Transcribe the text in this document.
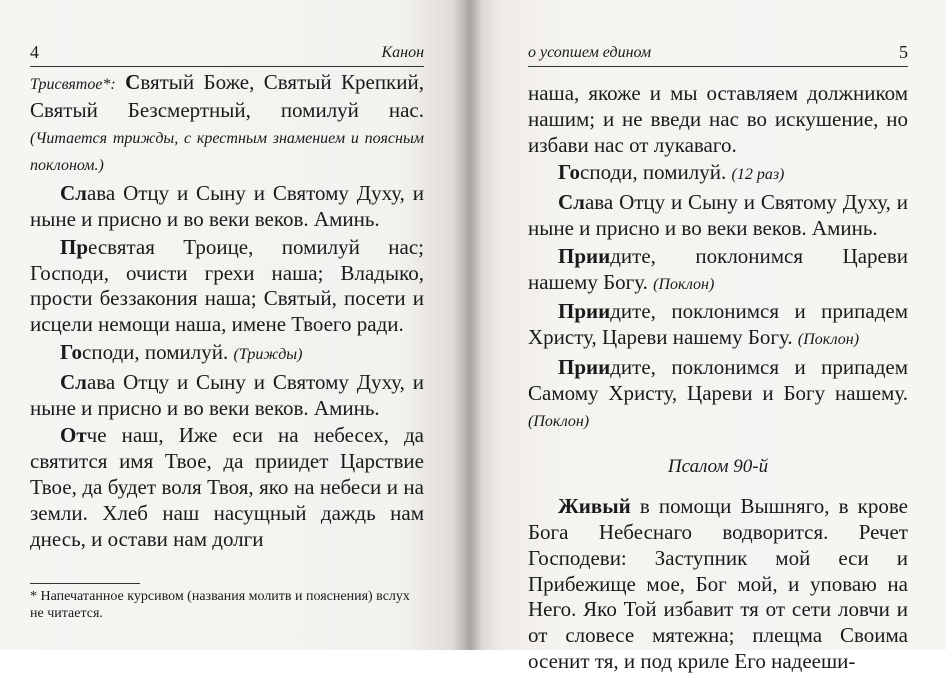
4	Канон

Трисвятое*: Святый Боже, Святый Крепкий, Святый Безсмертный, помилуй нас. (Читается трижды, с крестным знамением и поясным поклоном.)

Слава Отцу и Сыну и Святому Духу, и ныне и присно и во веки веков. Аминь.

Пресвятая Троице, помилуй нас; Господи, очисти грехи наша; Владыко, прости беззакония наша; Святый, посети и исцели немощи наша, имене Твоего ради.

Господи, помилуй. (Трижды)

Слава Отцу и Сыну и Святому Духу, и ныне и присно и во веки веков. Аминь.

Отче наш, Иже еси на небесех, да святится имя Твое, да приидет Царствие Твое, да будет воля Твоя, яко на небеси и на земли. Хлеб наш насущный даждь нам днесь, и остави нам долги

* Напечатанное курсивом (названия молитв и пояснения) вслух не читается.
о усопшем едином	5

наша, якоже и мы оставляем должником нашим; и не введи нас во искушение, но избави нас от лукаваго.

Господи, помилуй. (12 раз)

Слава Отцу и Сыну и Святому Духу, и ныне и присно и во веки веков. Аминь.

Приидите, поклонимся Цареви нашему Богу. (Поклон)

Приидите, поклонимся и припадем Христу, Цареви нашему Богу. (Поклон)

Приидите, поклонимся и припадем Самому Христу, Цареви и Богу нашему. (Поклон)

Псалом 90-й

Живый в помощи Вышняго, в крове Бога Небеснаго водворится. Речет Господеви: Заступник мой еси и Прибежище мое, Бог мой, и уповаю на Него. Яко Той избавит тя от сети ловчи и от словесе мятежна; плещма Своима осенит тя, и под криле Его надееши-
